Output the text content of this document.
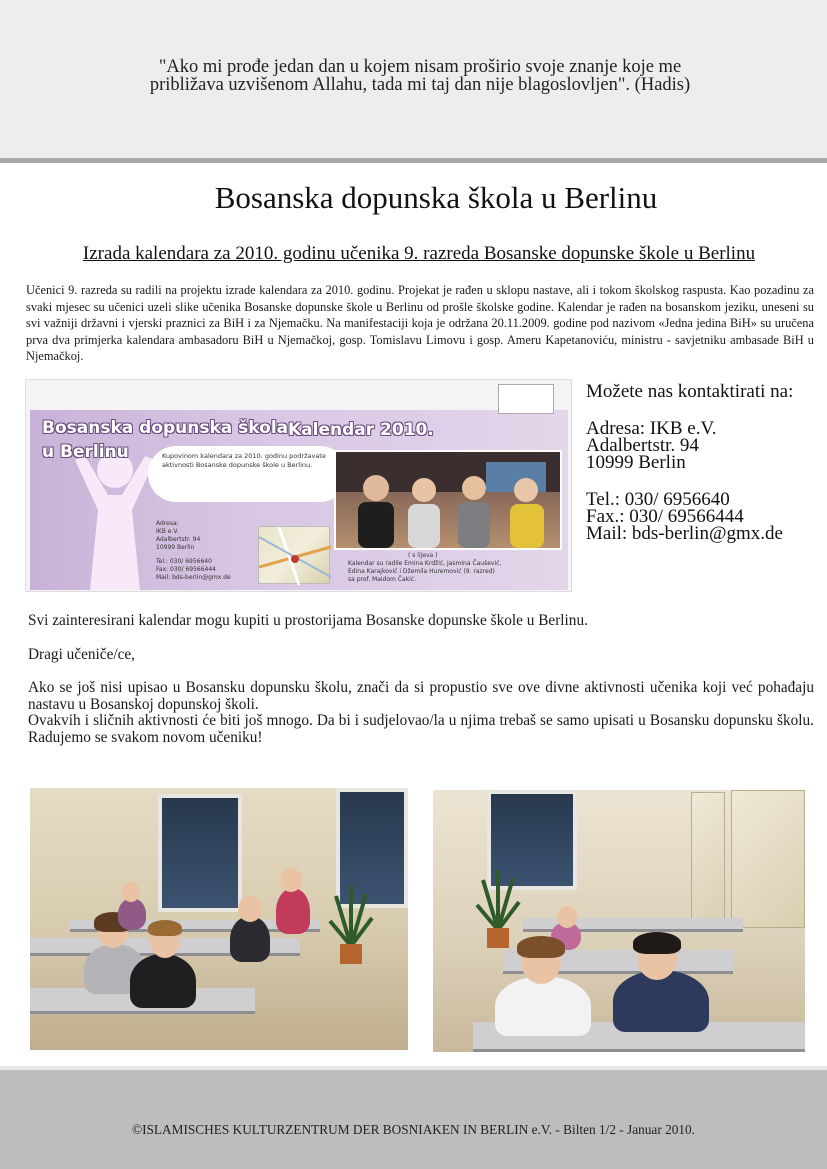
"Ako mi prođe jedan dan u kojem nisam proširio svoje znanje koje me
približava uzvišenom Allahu, tada mi taj dan nije blagoslovljen". (Hadis)
Bosanska dopunska škola u Berlinu
Izrada kalendara za 2010. godinu učenika 9. razreda Bosanske dopunske škole u Berlinu

Učenici 9. razreda su radili na projektu izrade kalendara za 2010. godinu. Projekat je rađen u sklopu nastave, ali i tokom školskog raspusta. Kao pozadinu za svaki mjesec su učenici uzeli slike učenika Bosanske dopunske škole u Berlinu od prošle školske godine. Kalendar je rađen na bosanskom jeziku, uneseni su svi važniji državni i vjerski praznici za BiH i za Njemačku. Na manifestaciji koja je održana 20.11.2009. godine pod nazivom «Jedna jedina BiH» su uručena prva dva primjerka kalendara ambasadoru BiH u Njemačkoj, gosp. Tomislavu Limovu i gosp. Ameru Kapetanoviću, ministru - savjetniku ambasade BiH u Njemačkoj.

Bosanska dopunska škola
u Berlinu
Kalendar 2010.
Kupovinom kalendara za 2010. godinu podržavate aktivnosti Bosanske dopunske škole u Berlinu.
Adresa:
IKB e.V.
Adalbertstr. 94
10999 Berlin
Tel.: 030/ 6956640
Fax: 030/ 69566444
Mail: bds-berlin@gmx.de
( s lijeva )
Kalendar su radile Emina Krdžić, Jasmina Čaušević,
Edina Karajković i Džemila Huremović (9. razred)
sa prof. Maidom Čakić.
Možete nas kontaktirati na:
Adresa: IKB e.V.
Adalbertstr. 94
10999 Berlin
Tel.: 030/ 6956640
Fax.: 030/ 69566444
Mail: bds-berlin@gmx.de

Svi zainteresirani kalendar mogu kupiti u prostorijama Bosanske dopunske škole u Berlinu.

Dragi učeniče/ce,

Ako se još nisi upisao u Bosansku dopunsku školu, znači da si propustio sve ove divne aktivnosti učenika koji već pohađaju nastavu u Bosanskoj dopunskoj školi.
Ovakvih i sličnih aktivnosti će biti još mnogo. Da bi i sudjelovao/la u njima trebaš se samo upisati u Bosansku dopunsku školu. Radujemo se svakom novom učeniku!
©ISLAMISCHES KULTURZENTRUM DER BOSNIAKEN IN BERLIN e.V. - Bilten 1/2 - Januar 2010.
